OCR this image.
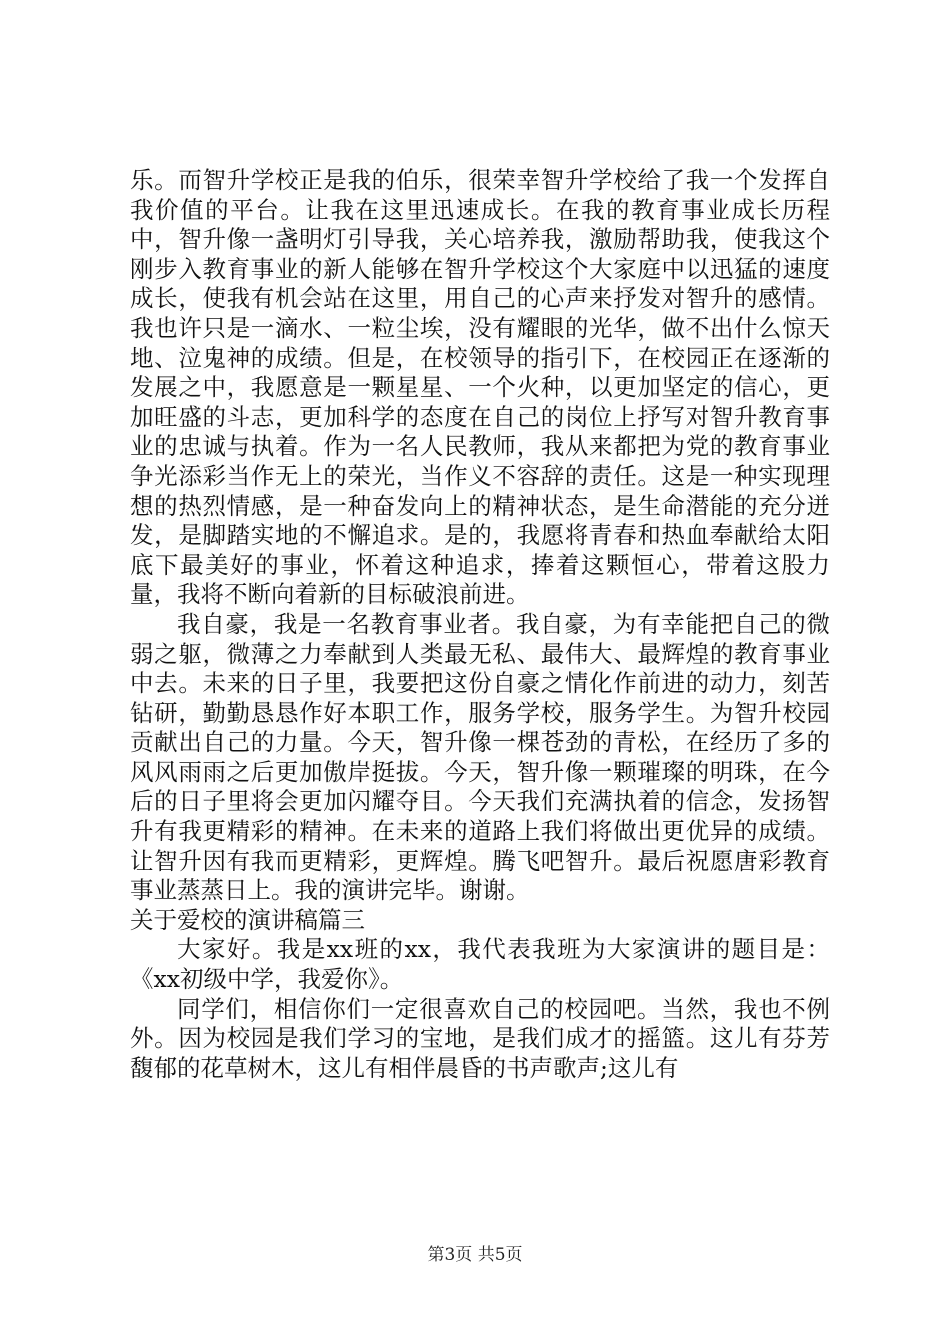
乐。而智升学校正是我的伯乐，很荣幸智升学校给了我一个发挥自我价值的平台。让我在这里迅速成长。在我的教育事业成长历程中，智升像一盏明灯引导我，关心培养我，激励帮助我，使我这个刚步入教育事业的新人能够在智升学校这个大家庭中以迅猛的速度成长，使我有机会站在这里，用自己的心声来抒发对智升的感情。我也许只是一滴水、一粒尘埃，没有耀眼的光华，做不出什么惊天地、泣鬼神的成绩。但是，在校领导的指引下，在校园正在逐渐的发展之中，我愿意是一颗星星、一个火种，以更加坚定的信心，更加旺盛的斗志，更加科学的态度在自己的岗位上抒写对智升教育事业的忠诚与执着。作为一名人民教师，我从来都把为党的教育事业争光添彩当作无上的荣光，当作义不容辞的责任。这是一种实现理想的热烈情感，是一种奋发向上的精神状态，是生命潜能的充分迸发，是脚踏实地的不懈追求。是的，我愿将青春和热血奉献给太阳底下最美好的事业，怀着这种追求，捧着这颗恒心，带着这股力量，我将不断向着新的目标破浪前进。

我自豪，我是一名教育事业者。我自豪，为有幸能把自己的微弱之躯，微薄之力奉献到人类最无私、最伟大、最辉煌的教育事业中去。未来的日子里，我要把这份自豪之情化作前进的动力，刻苦钻研，勤勤恳恳作好本职工作，服务学校，服务学生。为智升校园贡献出自己的力量。今天，智升像一棵苍劲的青松，在经历了多的风风雨雨之后更加傲岸挺拔。今天，智升像一颗璀璨的明珠，在今后的日子里将会更加闪耀夺目。今天我们充满执着的信念，发扬智升有我更精彩的精神。在未来的道路上我们将做出更优异的成绩。让智升因有我而更精彩，更辉煌。腾飞吧智升。最后祝愿唐彩教育事业蒸蒸日上。我的演讲完毕。谢谢。

关于爱校的演讲稿篇三

大家好。我是xx班的xx，我代表我班为大家演讲的题目是：《xx初级中学，我爱你》。

同学们，相信你们一定很喜欢自己的校园吧。当然，我也不例外。因为校园是我们学习的宝地，是我们成才的摇篮。这儿有芬芳馥郁的花草树木，这儿有相伴晨昏的书声歌声;这儿有

第3页 共5页
